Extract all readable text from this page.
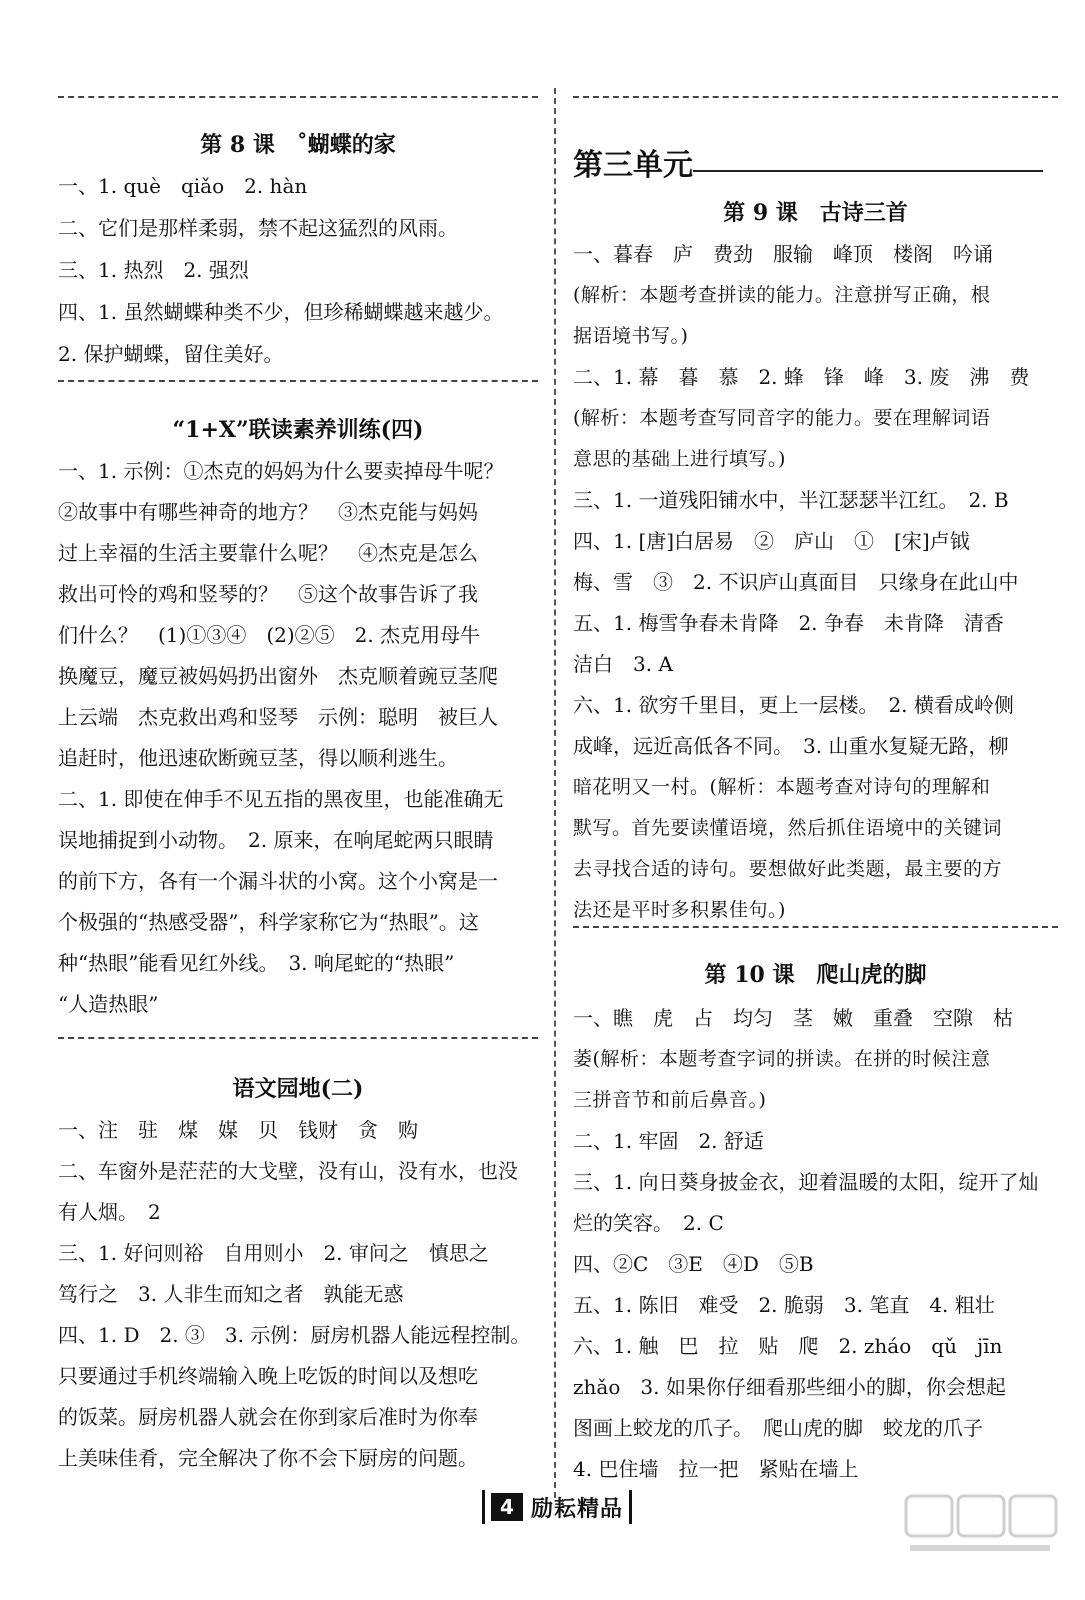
第 8 课　˚蝴蝶的家
一、1. què　qiǎo　2. hàn
二、它们是那样柔弱，禁不起这猛烈的风雨。
三、1. 热烈　2. 强烈
四、1. 虽然蝴蝶种类不少，但珍稀蝴蝶越来越少。
2. 保护蝴蝶，留住美好。
“1+X”联读素养训练(四)
一、1. 示例：①杰克的妈妈为什么要卖掉母牛呢？
②故事中有哪些神奇的地方？　③杰克能与妈妈
过上幸福的生活主要靠什么呢？　④杰克是怎么
救出可怜的鸡和竖琴的？　⑤这个故事告诉了我
们什么？　(1)①③④　(2)②⑤　2. 杰克用母牛
换魔豆，魔豆被妈妈扔出窗外　杰克顺着豌豆茎爬
上云端　杰克救出鸡和竖琴　示例：聪明　被巨人
追赶时，他迅速砍断豌豆茎，得以顺利逃生。
二、1. 即使在伸手不见五指的黑夜里，也能准确无
误地捕捉到小动物。　2. 原来，在响尾蛇两只眼睛
的前下方，各有一个漏斗状的小窝。这个小窝是一
个极强的“热感受器”，科学家称它为“热眼”。这
种“热眼”能看见红外线。　3. 响尾蛇的“热眼”
“人造热眼”
语文园地(二)
一、注　驻　煤　媒　贝　钱财　贪　购
二、车窗外是茫茫的大戈壁，没有山，没有水，也没
有人烟。　2
三、1. 好问则裕　自用则小　2. 审问之　慎思之
笃行之　3. 人非生而知之者　孰能无惑
四、1. D　2. ③　3. 示例：厨房机器人能远程控制。
只要通过手机终端输入晚上吃饭的时间以及想吃
的饭菜。厨房机器人就会在你到家后准时为你奉
上美味佳肴，完全解决了你不会下厨房的问题。
第三单元
第 9 课　古诗三首
一、暮春　庐　费劲　服输　峰顶　楼阁　吟诵
(解析：本题考查拼读的能力。注意拼写正确，根
据语境书写。)
二、1. 幕　暮　慕　2. 蜂　锋　峰　3. 废　沸　费
(解析：本题考查写同音字的能力。要在理解词语
意思的基础上进行填写。)
三、1. 一道残阳铺水中，半江瑟瑟半江红。　2. B
四、1. [唐]白居易　②　庐山　①　[宋]卢钺
梅、雪　③　2. 不识庐山真面目　只缘身在此山中
五、1. 梅雪争春未肯降　2. 争春　未肯降　清香
洁白　3. A
六、1. 欲穷千里目，更上一层楼。　2. 横看成岭侧
成峰，远近高低各不同。　3. 山重水复疑无路，柳
暗花明又一村。(解析：本题考查对诗句的理解和
默写。首先要读懂语境，然后抓住语境中的关键词
去寻找合适的诗句。要想做好此类题，最主要的方
法还是平时多积累佳句。)
第 10 课　爬山虎的脚
一、瞧　虎　占　均匀　茎　嫩　重叠　空隙　枯
萎(解析：本题考查字词的拼读。在拼的时候注意
三拼音节和前后鼻音。)
二、1. 牢固　2. 舒适
三、1. 向日葵身披金衣，迎着温暖的太阳，绽开了灿
烂的笑容。　2. C
四、②C　③E　④D　⑤B
五、1. 陈旧　难受　2. 脆弱　3. 笔直　4. 粗壮
六、1. 触　巴　拉　贴　爬　2. zháo　qǔ　jīn
zhǎo　3. 如果你仔细看那些细小的脚，你会想起
图画上蛟龙的爪子。　爬山虎的脚　蛟龙的爪子
4. 巴住墙　拉一把　紧贴在墙上
4 励耘精品
